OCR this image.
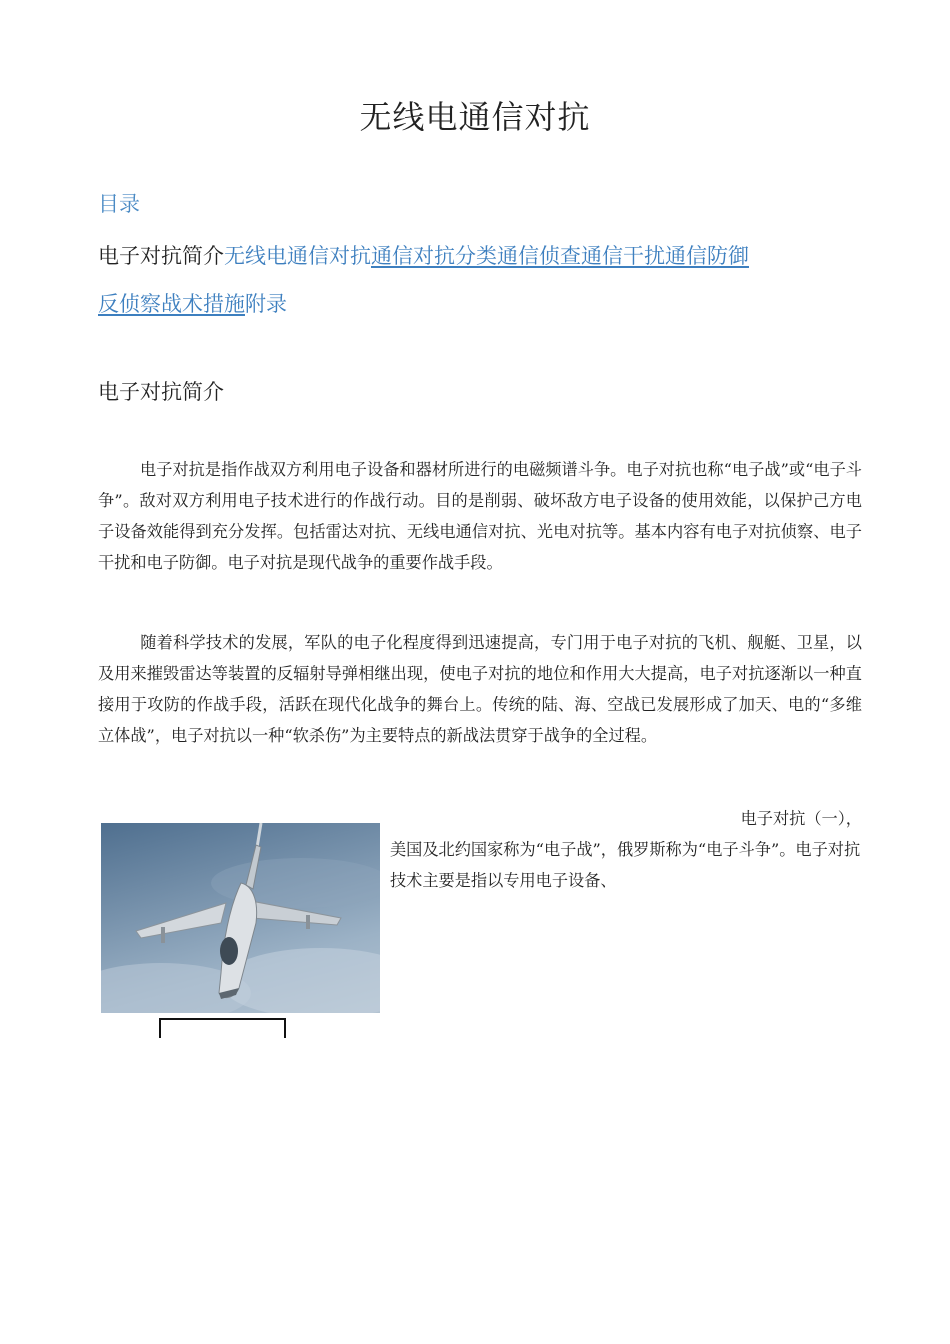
无线电通信对抗
目录
电子对抗简介无线电通信对抗通信对抗分类通信侦查通信干扰通信防御
反侦察战术措施附录
电子对抗简介
电子对抗是指作战双方利用电子设备和器材所进行的电磁频谱斗争。电子对抗也称“电子战”或“电子斗争”。敌对双方利用电子技术进行的作战行动。目的是削弱、破坏敌方电子设备的使用效能，以保护己方电子设备效能得到充分发挥。包括雷达对抗、无线电通信对抗、光电对抗等。基本内容有电子对抗侦察、电子干扰和电子防御。电子对抗是现代战争的重要作战手段。
随着科学技术的发展，军队的电子化程度得到迅速提高，专门用于电子对抗的飞机、舰艇、卫星，以及用来摧毁雷达等装置的反辐射导弹相继出现，使电子对抗的地位和作用大大提高，电子对抗逐渐以一种直接用于攻防的作战手段，活跃在现代化战争的舞台上。传统的陆、海、空战已发展形成了加天、电的“多维立体战”，电子对抗以一种“软杀伤”为主要特点的新战法贯穿于战争的全过程。
电子对抗（一），
美国及北约国家称为“电子战”，俄罗斯称为“电子斗争”。电子对抗技术主要是指以专用电子设备、
